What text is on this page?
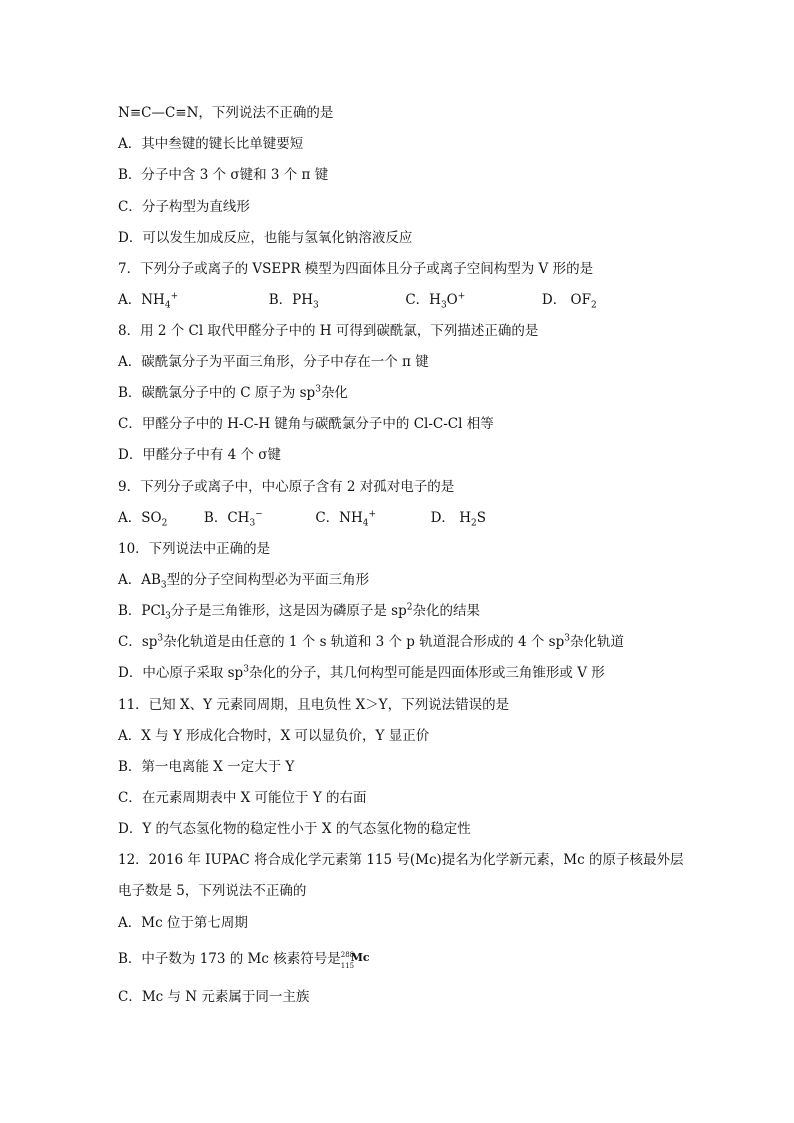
N≡C—C≡N，下列说法不正确的是
A．其中叁键的键长比单键要短
B．分子中含 3 个 σ键和 3 个 π 键
C．分子构型为直线形
D．可以发生加成反应，也能与氢氧化钠溶液反应
7．下列分子或离子的 VSEPR 模型为四面体且分子或离子空间构型为 V 形的是
A．$NH_4^+$	B．$PH_3$	C．$H_3O^+$	D． $OF_2$
8．用 2 个 Cl 取代甲醛分子中的 H 可得到碳酰氯，下列描述正确的是
A．碳酰氯分子为平面三角形，分子中存在一个 π 键
B．碳酰氯分子中的 C 原子为 $sp^3$杂化
C．甲醛分子中的 H-C-H 键角与碳酰氯分子中的 Cl-C-Cl 相等
D．甲醛分子中有 4 个 σ键
9．下列分子或离子中，中心原子含有 2 对孤对电子的是
A．$SO_2$	B．$CH_3^-$	C．$NH_4^+$	D． $H_2S$
10．下列说法中正确的是
A．$AB_3$型的分子空间构型必为平面三角形
B．PCl$_3$分子是三角锥形，这是因为磷原子是 $sp^2$杂化的结果
C．$sp^3$杂化轨道是由任意的 1 个 s 轨道和 3 个 p 轨道混合形成的 4 个 $sp^3$杂化轨道
D．中心原子采取 $sp^3$杂化的分子，其几何构型可能是四面体形或三角锥形或 V 形
11．已知 X、Y 元素同周期，且电负性 X＞Y，下列说法错误的是
A．X 与 Y 形成化合物时，X 可以显负价，Y 显正价
B．第一电离能 X 一定大于 Y
C．在元素周期表中 X 可能位于 Y 的右面
D．Y 的气态氢化物的稳定性小于 X 的气态氢化物的稳定性
12．2016 年 IUPAC 将合成化学元素第 115 号(Mc)提名为化学新元素，Mc 的原子核最外层
电子数是 5，下列说法不正确的
A．Mc 位于第七周期
B．中子数为 173 的 Mc 核素符号是 288
115
Mc
C．Mc 与 N 元素属于同一主族
